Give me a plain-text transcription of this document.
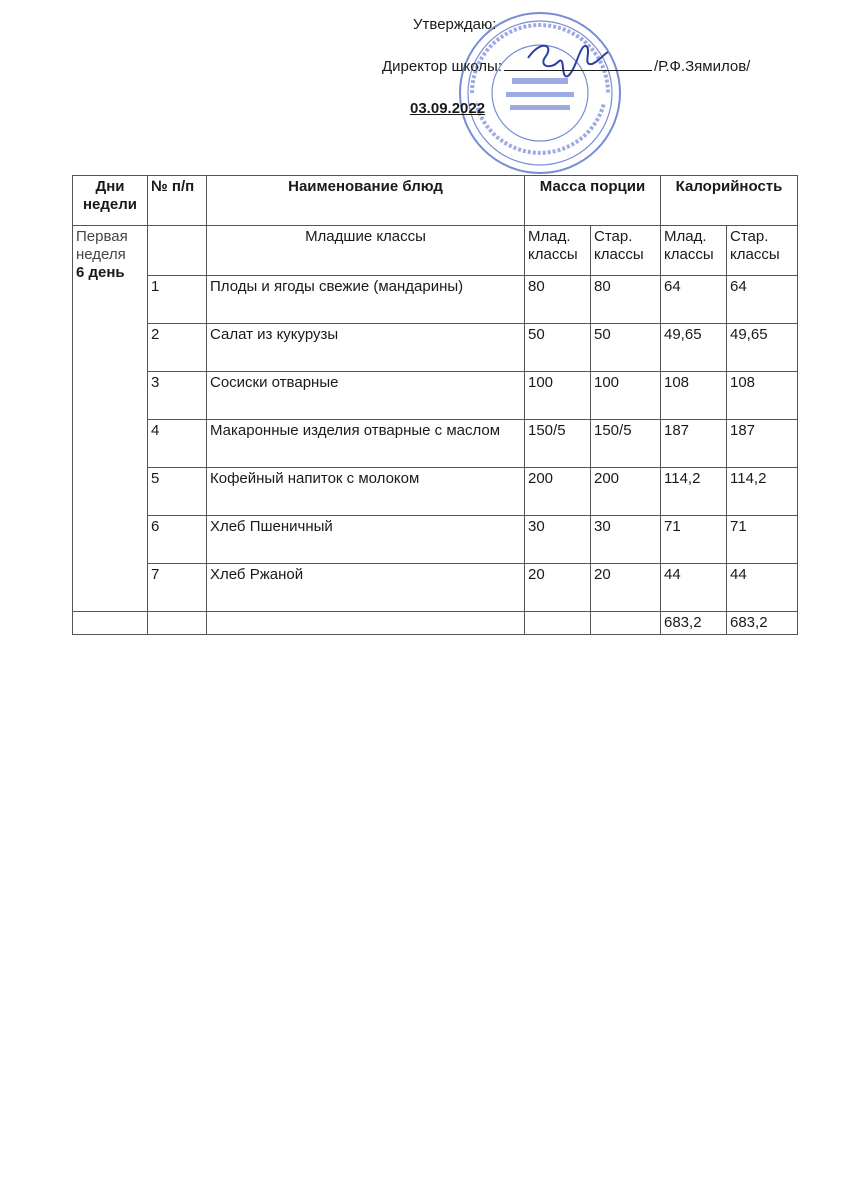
Утверждаю:
Директор школы:	/Р.Ф.Зямилов/
03.09.2022
Дни недели	№ п/п	Наименование блюд	Масса порции		Калорийность	

Первая неделя
6 день		Младшие классы	Млад. классы	Стар. классы	Млад. классы	Стар. классы
	1	Плоды и ягоды свежие (мандарины)	80	80	64	64
	2	Салат из кукурузы	50	50	49,65	49,65
	3	Сосиски отварные	100	100	108	108
	4	Макаронные изделия отварные с маслом	150/5	150/5	187	187
	5	Кофейный напиток с молоком	200	200	114,2	114,2
	6	Хлеб Пшеничный	30	30	71	71
	7	Хлеб Ржаной	20	20	44	44
					683,2	683,2
